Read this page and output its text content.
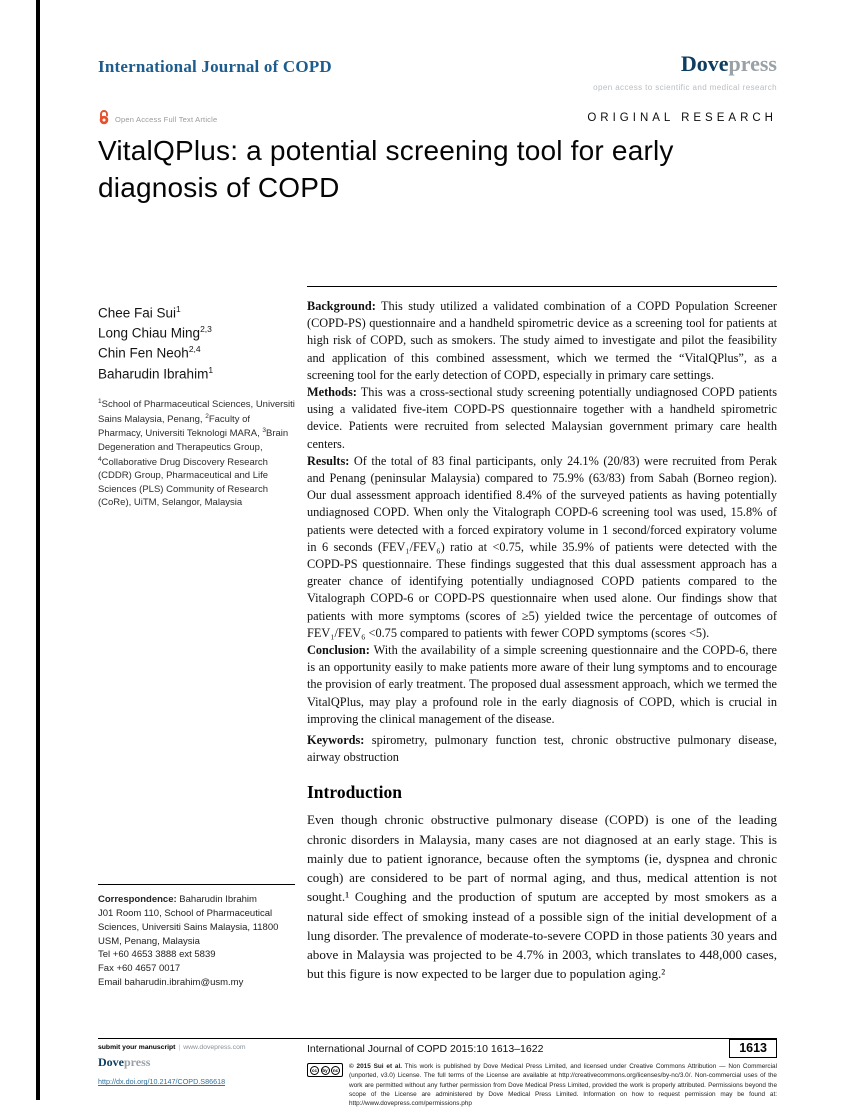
International Journal of COPD	Dovepress
open access to scientific and medical research
Open Access Full Text Article	ORIGINAL RESEARCH
VitalQPlus: a potential screening tool for early diagnosis of COPD
Chee Fai Sui$^1$
Long Chiau Ming$^{2,3}$
Chin Fen Neoh$^{2,4}$
Baharudin Ibrahim$^1$

$^1$School of Pharmaceutical Sciences, Universiti Sains Malaysia, Penang, $^2$Faculty of Pharmacy, Universiti Teknologi MARA, $^3$Brain Degeneration and Therapeutics Group, $^4$Collaborative Drug Discovery Research (CDDR) Group, Pharmaceutical and Life Sciences (PLS) Community of Research (CoRe), UiTM, Selangor, Malaysia

Correspondence: Baharudin Ibrahim

J01 Room 110, School of Pharmaceutical Sciences, Universiti Sains Malaysia, 11800 USM, Penang, Malaysia

Tel +60 4653 3888 ext 5839

Fax +60 4657 0017

Email baharudin.ibrahim@usm.my

Background: This study utilized a validated combination of a COPD Population Screener (COPD-PS) questionnaire and a handheld spirometric device as a screening tool for patients at high risk of COPD, such as smokers. The study aimed to investigate and pilot the feasibility and application of this combined assessment, which we termed the “VitalQPlus”, as a screening tool for the early detection of COPD, especially in primary care settings.

Methods: This was a cross-sectional study screening potentially undiagnosed COPD patients using a validated five-item COPD-PS questionnaire together with a handheld spirometric device. Patients were recruited from selected Malaysian government primary care health centers.

Results: Of the total of 83 final participants, only 24.1% (20/83) were recruited from Perak and Penang (peninsular Malaysia) compared to 75.9% (63/83) from Sabah (Borneo region). Our dual assessment approach identified 8.4% of the surveyed patients as having potentially undiagnosed COPD. When only the Vitalograph COPD-6 screening tool was used, 15.8% of patients were detected with a forced expiratory volume in 1 second/forced expiratory volume in 6 seconds (FEV₁/FEV₆) ratio at <0.75, while 35.9% of patients were detected with the COPD-PS questionnaire. These findings suggested that this dual assessment approach has a greater chance of identifying potentially undiagnosed COPD patients compared to the Vitalograph COPD-6 or COPD-PS questionnaire when used alone. Our findings show that patients with more symptoms (scores of ≥5) yielded twice the percentage of outcomes of FEV₁/FEV₆ <0.75 compared to patients with fewer COPD symptoms (scores <5).

Conclusion: With the availability of a simple screening questionnaire and the COPD-6, there is an opportunity easily to make patients more aware of their lung symptoms and to encourage the provision of early treatment. The proposed dual assessment approach, which we termed the VitalQPlus, may play a profound role in the early diagnosis of COPD, which is crucial in improving the clinical management of the disease.

Keywords: spirometry, pulmonary function test, chronic obstructive pulmonary disease, airway obstruction

Introduction

Even though chronic obstructive pulmonary disease (COPD) is one of the leading chronic disorders in Malaysia, many cases are not diagnosed at an early stage. This is mainly due to patient ignorance, because often the symptoms (ie, dyspnea and chronic cough) are considered to be part of normal aging, and thus, medical attention is not sought.¹ Coughing and the production of sputum are accepted by most smokers as a natural side effect of smoking instead of a possible sign of the initial development of a lung disorder. The prevalence of moderate-to-severe COPD in those patients 30 years and above in Malaysia was projected to be 4.7% in 2003, which translates to 448,000 cases, but this figure is now expected to be larger due to population aging.²

submit your manuscript | www.dovepress.com
Dovepress
http://dx.doi.org/10.2147/COPD.S86618
International Journal of COPD 2015:10 1613–1622	1613
cc	by	nc © 2015 Sui et al. This work is published by Dove Medical Press Limited, and licensed under Creative Commons Attribution — Non Commercial (unported, v3.0) License. The full terms of the License are available at http://creativecommons.org/licenses/by-nc/3.0/. Non-commercial uses of the work are permitted without any further permission from Dove Medical Press Limited, provided the work is properly attributed. Permissions beyond the scope of the License are administered by Dove Medical Press Limited. Information on how to request permission may be found at: http://www.dovepress.com/permissions.php
